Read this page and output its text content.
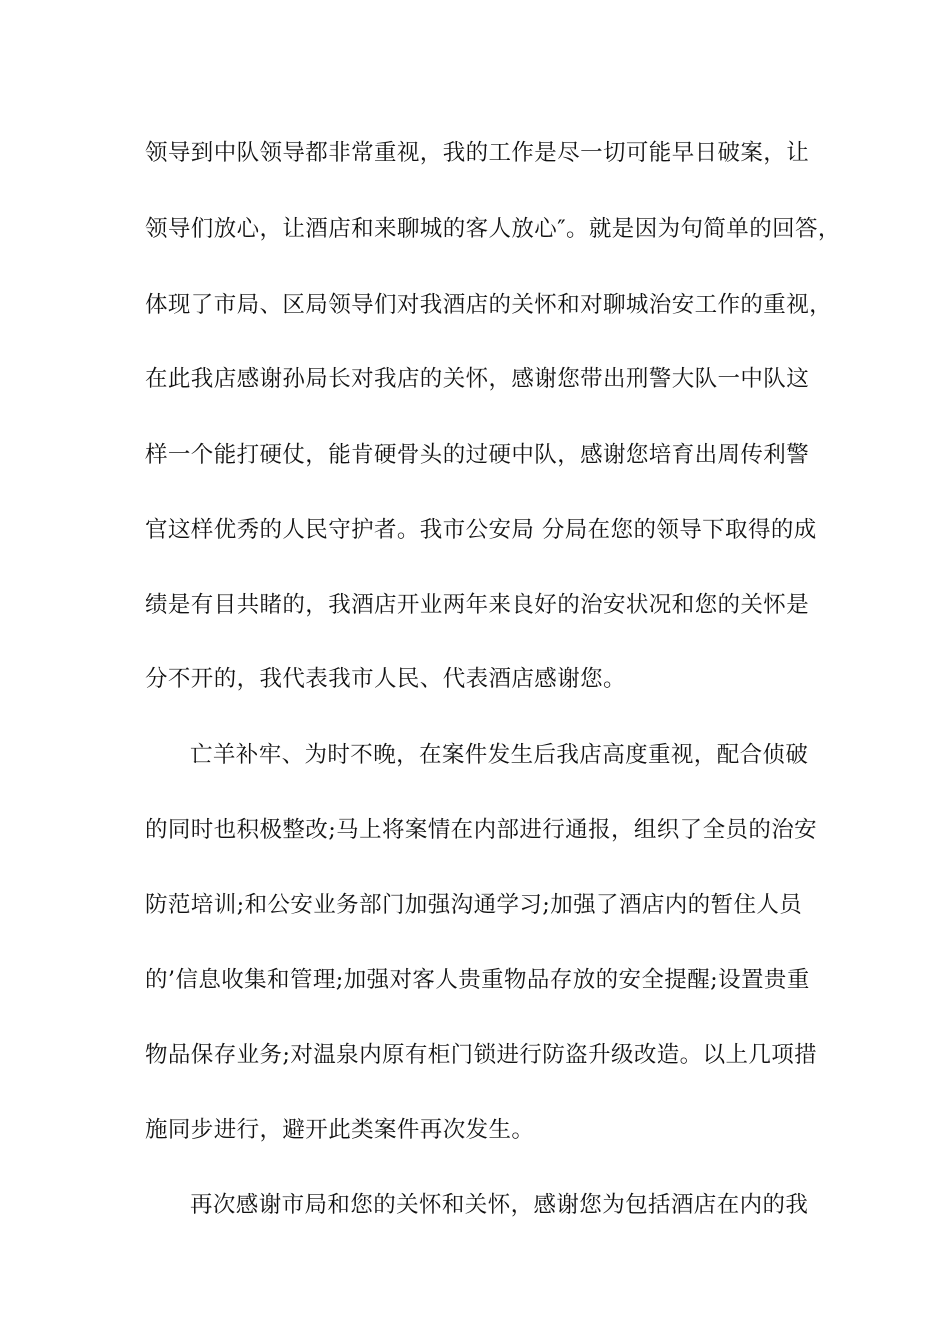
领导到中队领导都非常重视，我的工作是尽一切可能早日破案，让
领导们放心，让酒店和来聊城的客人放心″。就是因为句简单的回答，
体现了市局、区局领导们对我酒店的关怀和对聊城治安工作的重视，
在此我店感谢孙局长对我店的关怀，感谢您带出刑警大队一中队这
样一个能打硬仗，能肯硬骨头的过硬中队，感谢您培育出周传利警
官这样优秀的人民守护者。我市公安局 分局在您的领导下取得的成
绩是有目共睹的，我酒店开业两年来良好的治安状况和您的关怀是
分不开的，我代表我市人民、代表酒店感谢您。
亡羊补牢、为时不晚，在案件发生后我店高度重视，配合侦破
的同时也积极整改;马上将案情在内部进行通报，组织了全员的治安
防范培训;和公安业务部门加强沟通学习;加强了酒店内的暂住人员
的’信息收集和管理;加强对客人贵重物品存放的安全提醒;设置贵重
物品保存业务;对温泉内原有柜门锁进行防盗升级改造。以上几项措
施同步进行，避开此类案件再次发生。
再次感谢市局和您的关怀和关怀，感谢您为包括酒店在内的我
